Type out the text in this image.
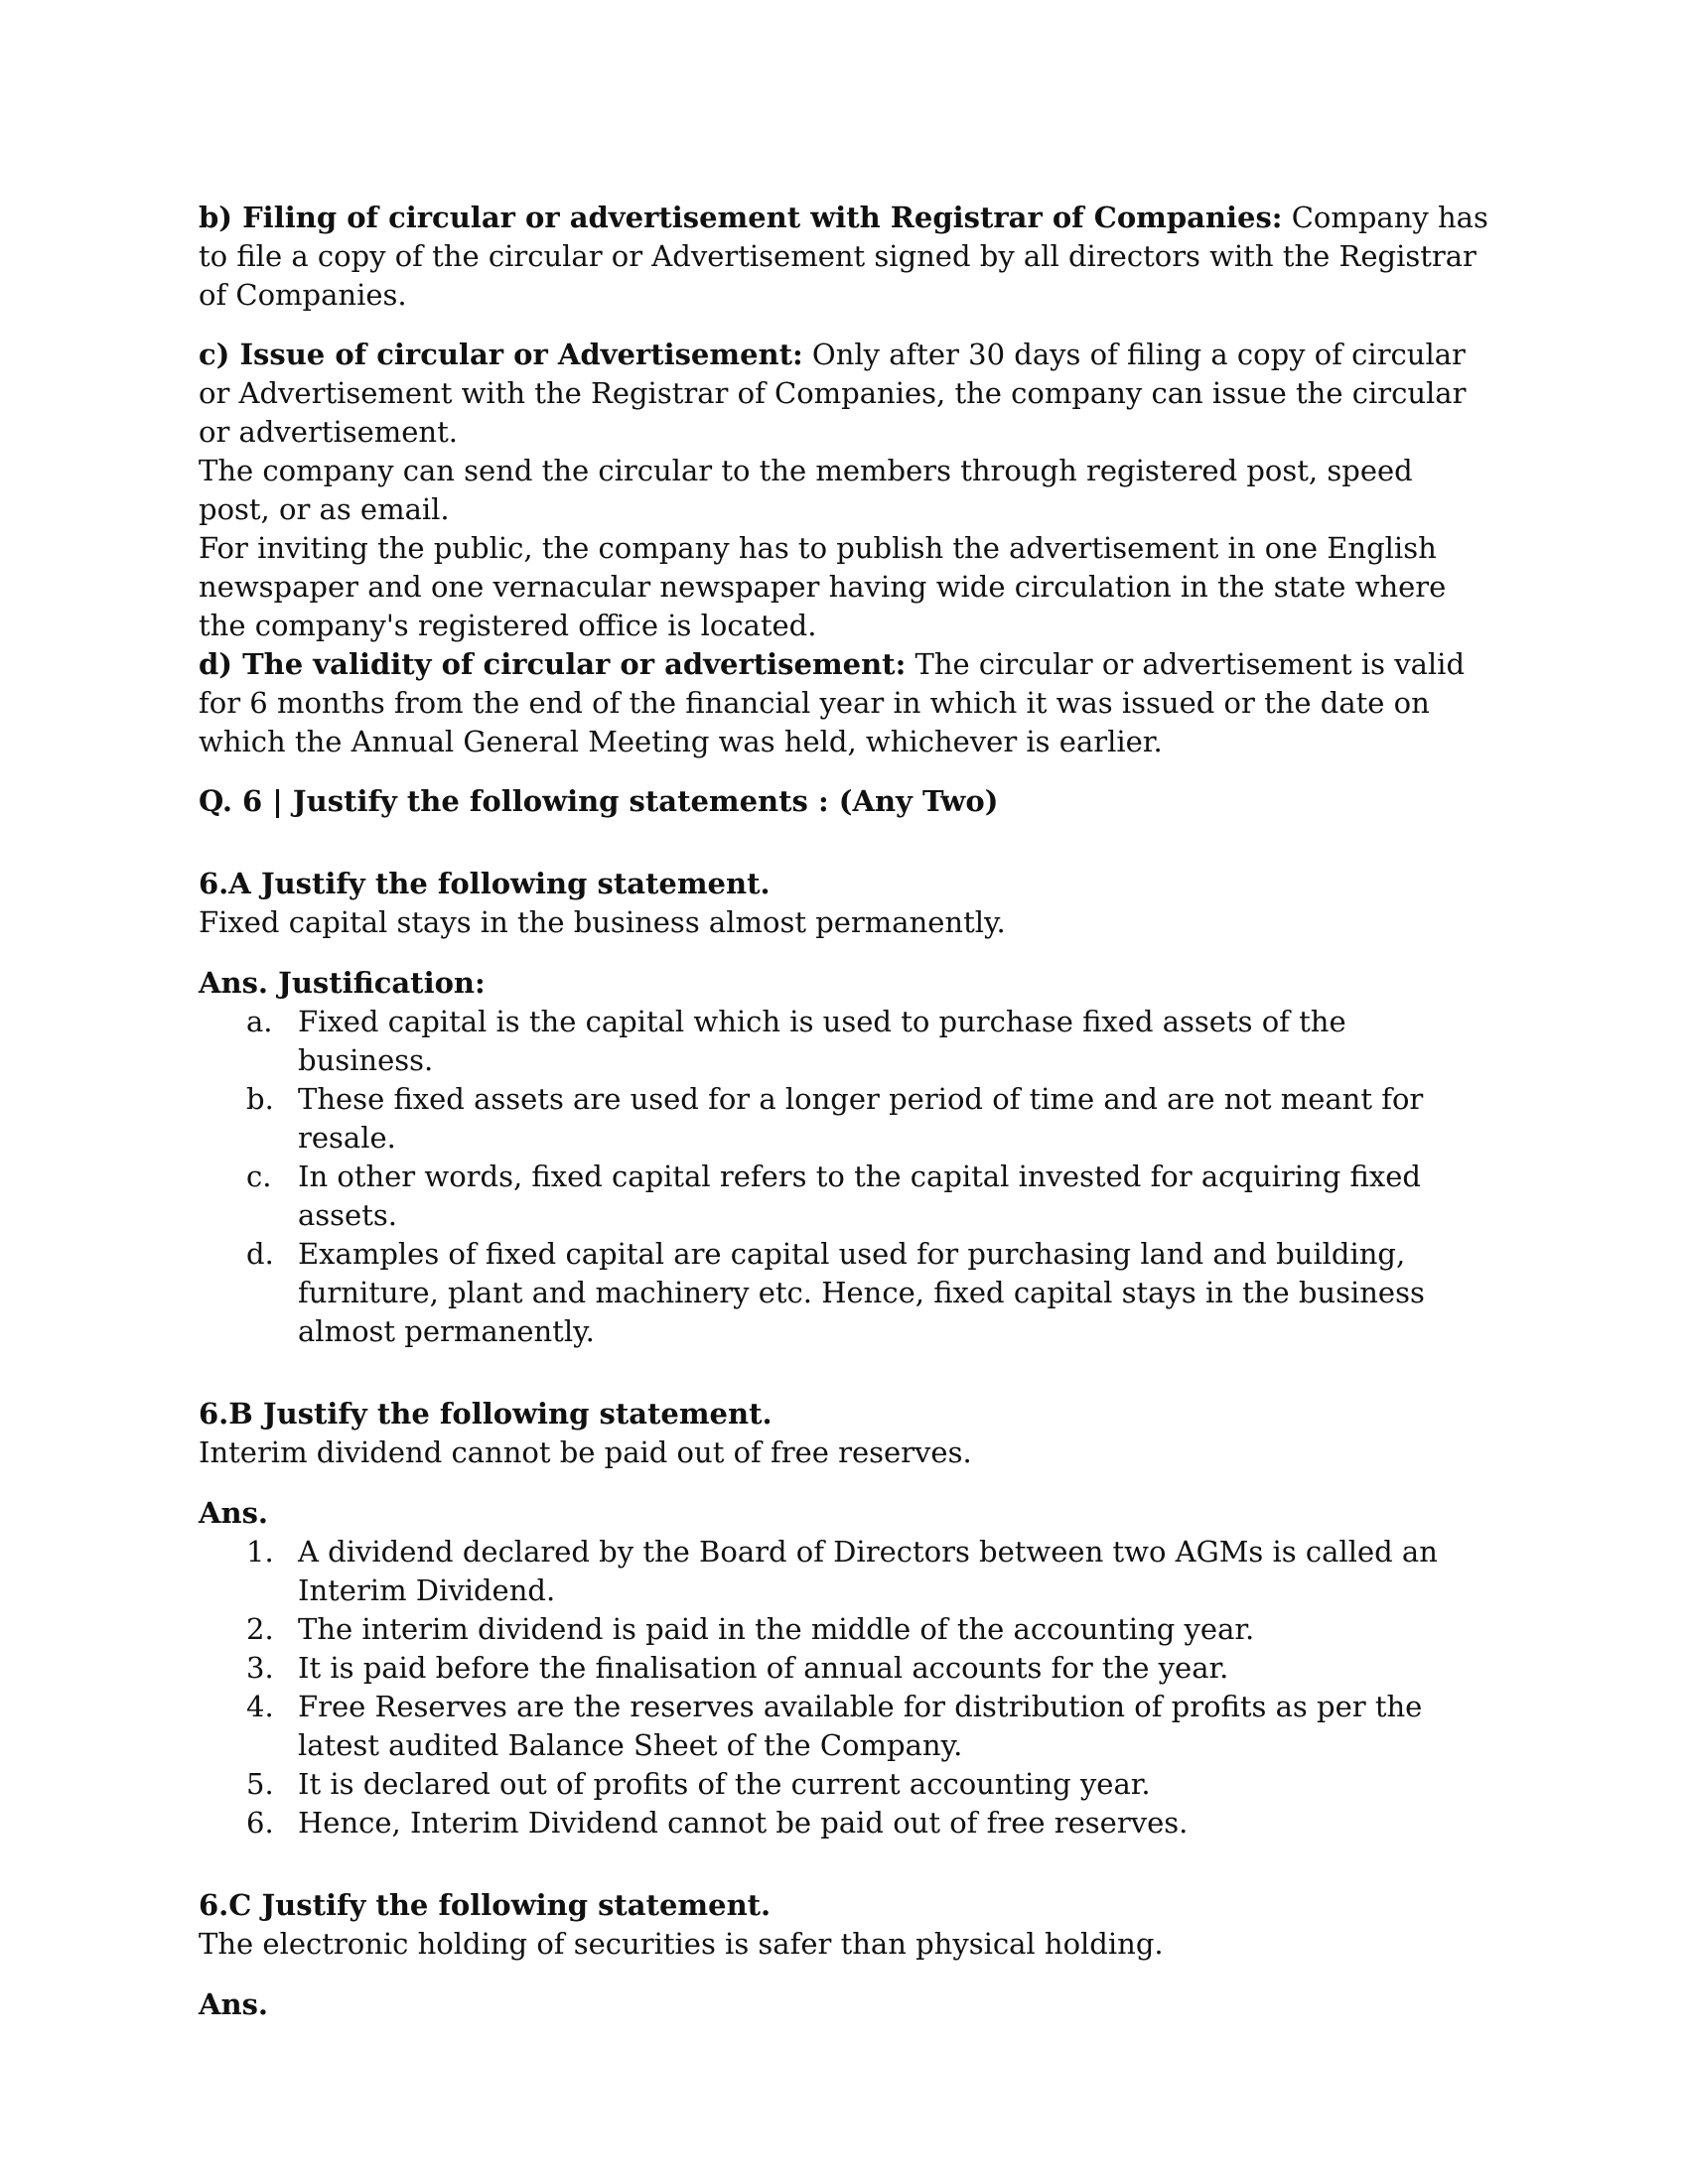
b) Filing of circular or advertisement with Registrar of Companies: Company has to file a copy of the circular or Advertisement signed by all directors with the Registrar of Companies.

c) Issue of circular or Advertisement: Only after 30 days of filing a copy of circular or Advertisement with the Registrar of Companies, the company can issue the circular or advertisement.

The company can send the circular to the members through registered post, speed post, or as email.

For inviting the public, the company has to publish the advertisement in one English newspaper and one vernacular newspaper having wide circulation in the state where the company's registered office is located.

d) The validity of circular or advertisement: The circular or advertisement is valid for 6 months from the end of the financial year in which it was issued or the date on which the Annual General Meeting was held, whichever is earlier.

Q. 6 | Justify the following statements : (Any Two)

6.A Justify the following statement.

Fixed capital stays in the business almost permanently.

Ans. Justification:

a. Fixed capital is the capital which is used to purchase fixed assets of the business.
b. These fixed assets are used for a longer period of time and are not meant for resale.
c. In other words, fixed capital refers to the capital invested for acquiring fixed assets.
d. Examples of fixed capital are capital used for purchasing land and building, furniture, plant and machinery etc. Hence, fixed capital stays in the business almost permanently.

6.B Justify the following statement.

Interim dividend cannot be paid out of free reserves.

Ans.

1. A dividend declared by the Board of Directors between two AGMs is called an Interim Dividend.
2. The interim dividend is paid in the middle of the accounting year.
3. It is paid before the finalisation of annual accounts for the year.
4. Free Reserves are the reserves available for distribution of profits as per the latest audited Balance Sheet of the Company.
5. It is declared out of profits of the current accounting year.
6. Hence, Interim Dividend cannot be paid out of free reserves.

6.C Justify the following statement.

The electronic holding of securities is safer than physical holding.

Ans.
